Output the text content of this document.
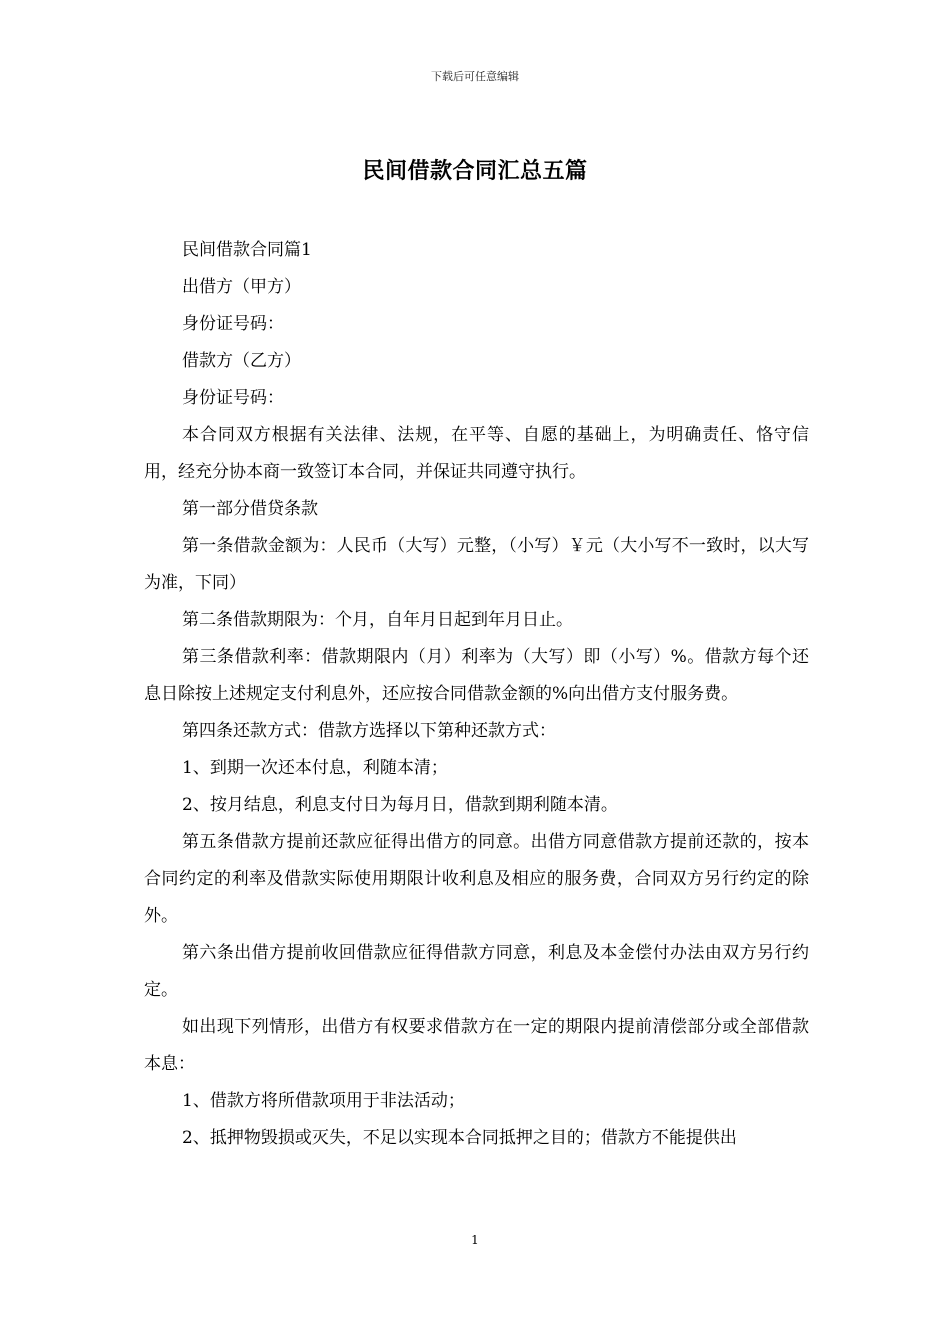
下载后可任意编辑
民间借款合同汇总五篇

民间借款合同篇1

出借方（甲方）

身份证号码：

借款方（乙方）

身份证号码：

本合同双方根据有关法律、法规，在平等、自愿的基础上，为明确责任、恪守信用，经充分协本商一致签订本合同，并保证共同遵守执行。

第一部分借贷条款

第一条借款金额为：人民币（大写）元整，（小写）￥元（大小写不一致时，以大写为准，下同）

第二条借款期限为：个月，自年月日起到年月日止。

第三条借款利率：借款期限内（月）利率为（大写）即（小写）%。借款方每个还息日除按上述规定支付利息外，还应按合同借款金额的%向出借方支付服务费。

第四条还款方式：借款方选择以下第种还款方式：

1、到期一次还本付息，利随本清；

2、按月结息，利息支付日为每月日，借款到期利随本清。

第五条借款方提前还款应征得出借方的同意。出借方同意借款方提前还款的，按本合同约定的利率及借款实际使用期限计收利息及相应的服务费，合同双方另行约定的除外。

第六条出借方提前收回借款应征得借款方同意，利息及本金偿付办法由双方另行约定。

如出现下列情形，出借方有权要求借款方在一定的期限内提前清偿部分或全部借款本息：

1、借款方将所借款项用于非法活动；

2、抵押物毁损或灭失，不足以实现本合同抵押之目的；借款方不能提供出

1
